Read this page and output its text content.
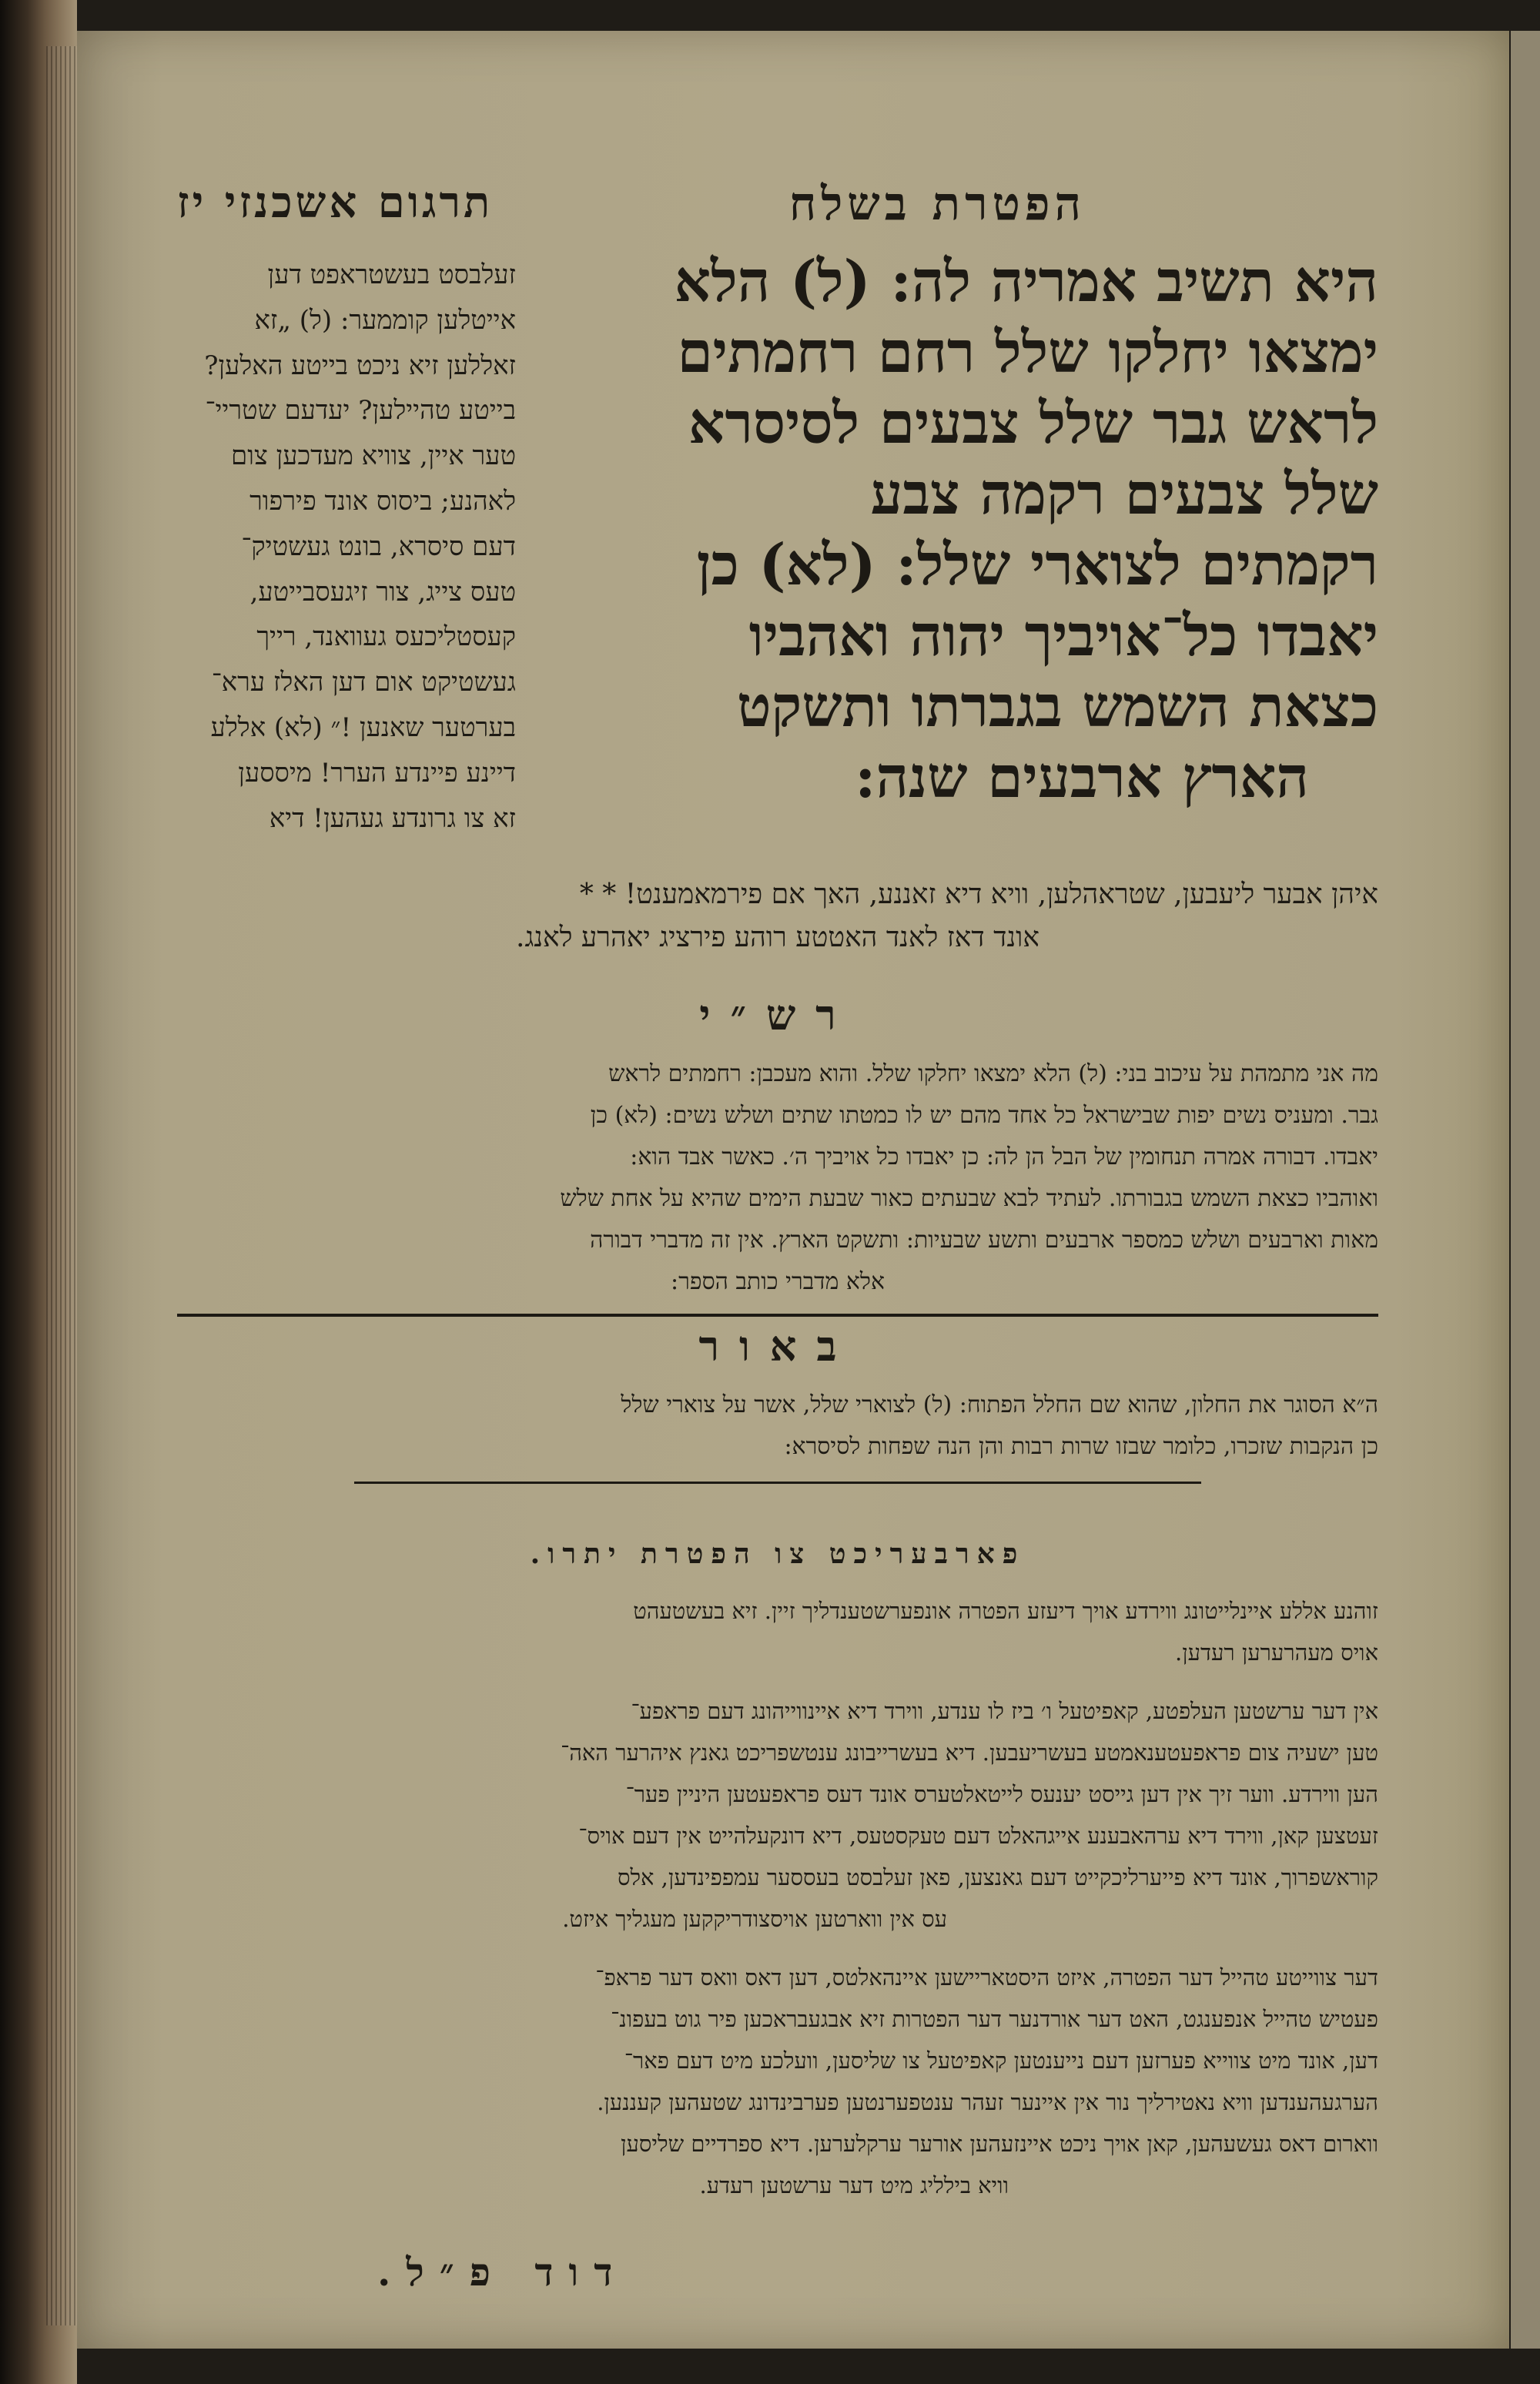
הפטרת בשלח
תרגום אשכנזי יז
היא תשיב אמריה לה: (ל) הלא
ימצאו יחלקו שלל רחם רחמתים
לראש גבר שלל צבעים לסיסרא
שלל צבעים רקמה צבע
רקמתים לצוארי שלל: (לא) כן
יאבדו כל־אויביך יהוה ואהביו
כצאת השמש בגברתו ותשקט
הארץ ארבעים שנה:
זעלבסט בעשטראפט דען
אייטלען קוממער: (ל) „זא
זאללען זיא ניכט בייטע האלען?
בייטע טהיילען? יעדעם שטריי־
טער איין, צוויא מעדכען צום
לאהנע; ביסוס אונד פירפור
דעם סיסרא, בונט געשטיק־
טעס צייג, צור זיגעסבייטע,
קעסטליכעס געוואנד, רייך
געשטיקט אום דען האלז ערא־
בערטער שאנען !״ (לא) אללע
דיינע פיינדע הערר! מיססען
זא צו גרונדע געהען! דיא
איהן אבער ליעבען, שטראהלען, וויא דיא זאננע, האך אם פירמאמענט! * *
אונד דאז לאנד האטטע רוהע פירציג יאהרע לאנג.
רש״י
מה אני מתמהת על עיכוב בני: (ל) הלא ימצאו יחלקו שלל. והוא מעכבן: רחמתים לראש
גבר. ומעניס נשים יפות שבישראל כל אחד מהם יש לו כמטתו שתים ושלש נשים: (לא) כן
יאבדו. דבורה אמרה תנחומין של הבל הן לה: כן יאבדו כל אויביך ה׳. כאשר אבד הוא:
ואוהביו כצאת השמש בגבורתו. לעתיד לבא שבעתים כאור שבעת הימים שהיא על אחת שלש
מאות וארבעים ושלש כמספר ארבעים ותשע שבעיות: ותשקט הארץ. אין זה מדברי דבורה
אלא מדברי כותב הספר:
באור
ה״א הסוגר את החלון, שהוא שם החלל הפתוח: (ל) לצוארי שלל, אשר על צוארי שלל
כן הנקבות שזכרו, כלומר שבזו שרות רבות והן הנה שפחות לסיסרא:
פארבעריכט צו הפטרת יתרו.
זוהנע אללע איינלייטונג ווירדע אויך דיעזע הפטרה אונפערשטענדליך זיין. זיא בעשטעהט
אויס מעהרערען רעדען.
אין דער ערשטען העלפטע, קאפיטעל ו׳ ביז לו ענדע, ווירד דיא איינווייהונג דעם פראפע־
טען ישעיה צום פראפעטענאמטע בעשריעבען. דיא בעשרייבונג ענטשפריכט גאנץ איהרער האה־
הען ווירדע. ווער זיך אין דען גייסט יענעס לייטאלטערס אונד דעס פראפעטען היניין פער־
זעטצען קאן, ווירד דיא ערהאבענע אייגהאלט דעם טעקסטעס, דיא דונקעלהייט אין דעם אויס־
קוראשפרוך, אונד דיא פייערליכקייט דעם גאנצען, פאן זעלבסט בעססער עמפפינדען, אלס
עס אין ווארטען אויסצודריקקען מעגליך איזט.
דער צווייטע טהייל דער הפטרה, איזט היסטאריישען איינהאלטס, דען דאס וואס דער פראפ־
פעטיש טהייל אנפענגט, האט דער אורדנער דער הפטרות זיא אבגעבראכען פיר גוט בעפונ־
דען, אונד מיט צווייא פערזען דעם נייענטען קאפיטעל צו שליסען, וועלכע מיט דעם פאר־
הערגעהענדען וויא נאטירליך נור אין איינער זעהר ענטפערנטען פערבינדונג שטעהען קעננען.
ווארום דאס געשעהען, קאן אויך ניכט איינזעהען אורער ערקלערען. דיא ספרדיים שליסען
וויא בילליג מיט דער ערשטען רעדע.
דוד פ״ל.
